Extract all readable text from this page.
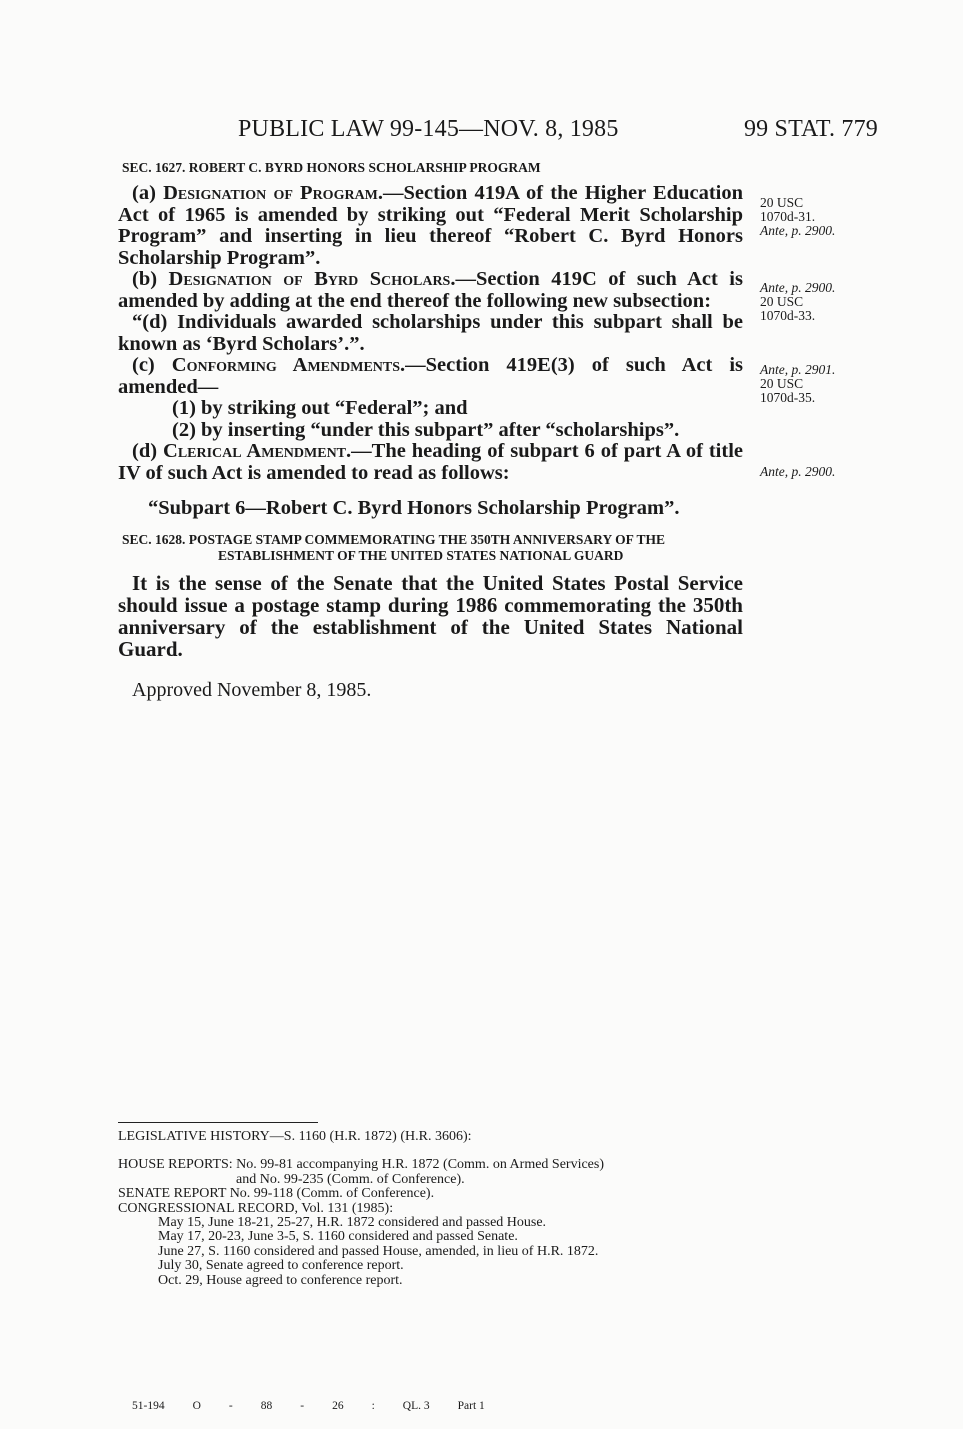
PUBLIC LAW 99-145—NOV. 8, 1985	99 STAT. 779
SEC. 1627. ROBERT C. BYRD HONORS SCHOLARSHIP PROGRAM

(a) Designation of Program.—Section 419A of the Higher Education Act of 1965 is amended by striking out “Federal Merit Scholarship Program” and inserting in lieu thereof “Robert C. Byrd Honors Scholarship Program”.

(b) Designation of Byrd Scholars.—Section 419C of such Act is amended by adding at the end thereof the following new subsection:

“(d) Individuals awarded scholarships under this subpart shall be known as ‘Byrd Scholars’.”.

(c) Conforming Amendments.—Section 419E(3) of such Act is amended—

(1) by striking out “Federal”; and

(2) by inserting “under this subpart” after “scholarships”.

(d) Clerical Amendment.—The heading of subpart 6 of part A of title IV of such Act is amended to read as follows:

“Subpart 6—Robert C. Byrd Honors Scholarship Program”.

SEC. 1628. POSTAGE STAMP COMMEMORATING THE 350TH ANNIVERSARY OF THE ESTABLISHMENT OF THE UNITED STATES NATIONAL GUARD

It is the sense of the Senate that the United States Postal Service should issue a postage stamp during 1986 commemorating the 350th anniversary of the establishment of the United States National Guard.

Approved November 8, 1985.

20 USC
1070d-31.
Ante, p. 2900.
Ante, p. 2900.
20 USC
1070d-33.
Ante, p. 2901.
20 USC
1070d-35.
Ante, p. 2900.
LEGISLATIVE HISTORY—S. 1160 (H.R. 1872) (H.R. 3606):
HOUSE REPORTS: No. 99-81 accompanying H.R. 1872 (Comm. on Armed Services)
and No. 99-235 (Comm. of Conference).
SENATE REPORT No. 99-118 (Comm. of Conference).
CONGRESSIONAL RECORD, Vol. 131 (1985):
May 15, June 18-21, 25-27, H.R. 1872 considered and passed House.
May 17, 20-23, June 3-5, S. 1160 considered and passed Senate.
June 27, S. 1160 considered and passed House, amended, in lieu of H.R. 1872.
July 30, Senate agreed to conference report.
Oct. 29, House agreed to conference report.
51-194 O - 88 - 26 : QL. 3 Part 1
